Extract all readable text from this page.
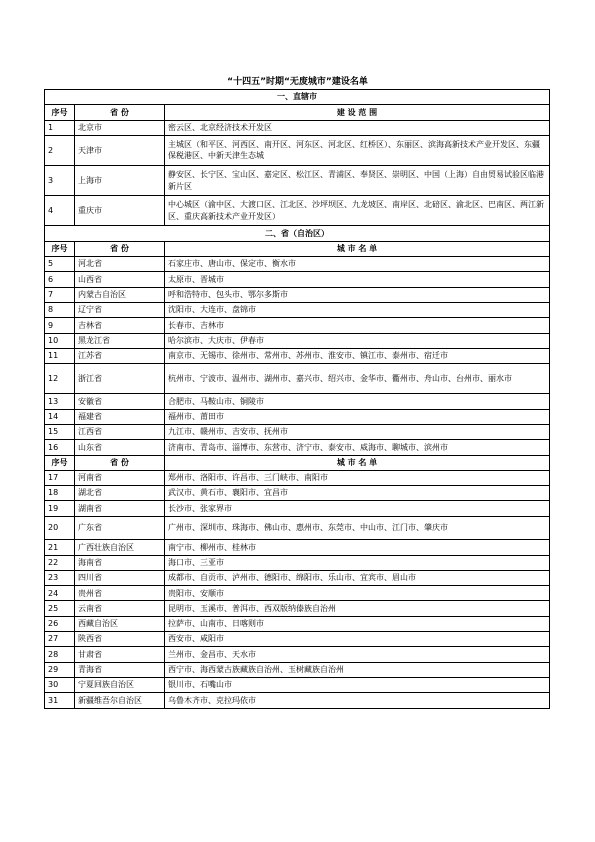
“十四五”时期“无废城市”建设名单
一、直辖市		
序号	省 份	建 设 范 围
1	北京市	密云区、北京经济技术开发区
2	天津市	主城区（和平区、河西区、南开区、河东区、河北区、红桥区）、东丽区、滨海高新技术产业开发区、东疆保税港区、中新天津生态城
3	上海市	静安区、长宁区、宝山区、嘉定区、松江区、青浦区、奉贤区、崇明区、中国（上海）自由贸易试验区临港新片区
4	重庆市	中心城区（渝中区、大渡口区、江北区、沙坪坝区、九龙坡区、南岸区、北碚区、渝北区、巴南区、两江新区、重庆高新技术产业开发区）
二、省（自治区）		
序号	省 份	城 市 名 单
5	河北省	石家庄市、唐山市、保定市、衡水市
6	山西省	太原市、晋城市
7	内蒙古自治区	呼和浩特市、包头市、鄂尔多斯市
8	辽宁省	沈阳市、大连市、盘锦市
9	吉林省	长春市、吉林市
10	黑龙江省	哈尔滨市、大庆市、伊春市
11	江苏省	南京市、无锡市、徐州市、常州市、苏州市、淮安市、镇江市、泰州市、宿迁市
12	浙江省	杭州市、宁波市、温州市、湖州市、嘉兴市、绍兴市、金华市、衢州市、舟山市、台州市、丽水市
13	安徽省	合肥市、马鞍山市、铜陵市
14	福建省	福州市、莆田市
15	江西省	九江市、赣州市、吉安市、抚州市
16	山东省	济南市、青岛市、淄博市、东营市、济宁市、泰安市、威海市、聊城市、滨州市
序号	省 份	城 市 名 单
17	河南省	郑州市、洛阳市、许昌市、三门峡市、南阳市
18	湖北省	武汉市、黄石市、襄阳市、宜昌市
19	湖南省	长沙市、张家界市
20	广东省	广州市、深圳市、珠海市、佛山市、惠州市、东莞市、中山市、江门市、肇庆市
21	广西壮族自治区	南宁市、柳州市、桂林市
22	海南省	海口市、三亚市
23	四川省	成都市、自贡市、泸州市、德阳市、绵阳市、乐山市、宜宾市、眉山市
24	贵州省	贵阳市、安顺市
25	云南省	昆明市、玉溪市、普洱市、西双版纳傣族自治州
26	西藏自治区	拉萨市、山南市、日喀则市
27	陕西省	西安市、咸阳市
28	甘肃省	兰州市、金昌市、天水市
29	青海省	西宁市、海西蒙古族藏族自治州、玉树藏族自治州
30	宁夏回族自治区	银川市、石嘴山市
31	新疆维吾尔自治区	乌鲁木齐市、克拉玛依市
